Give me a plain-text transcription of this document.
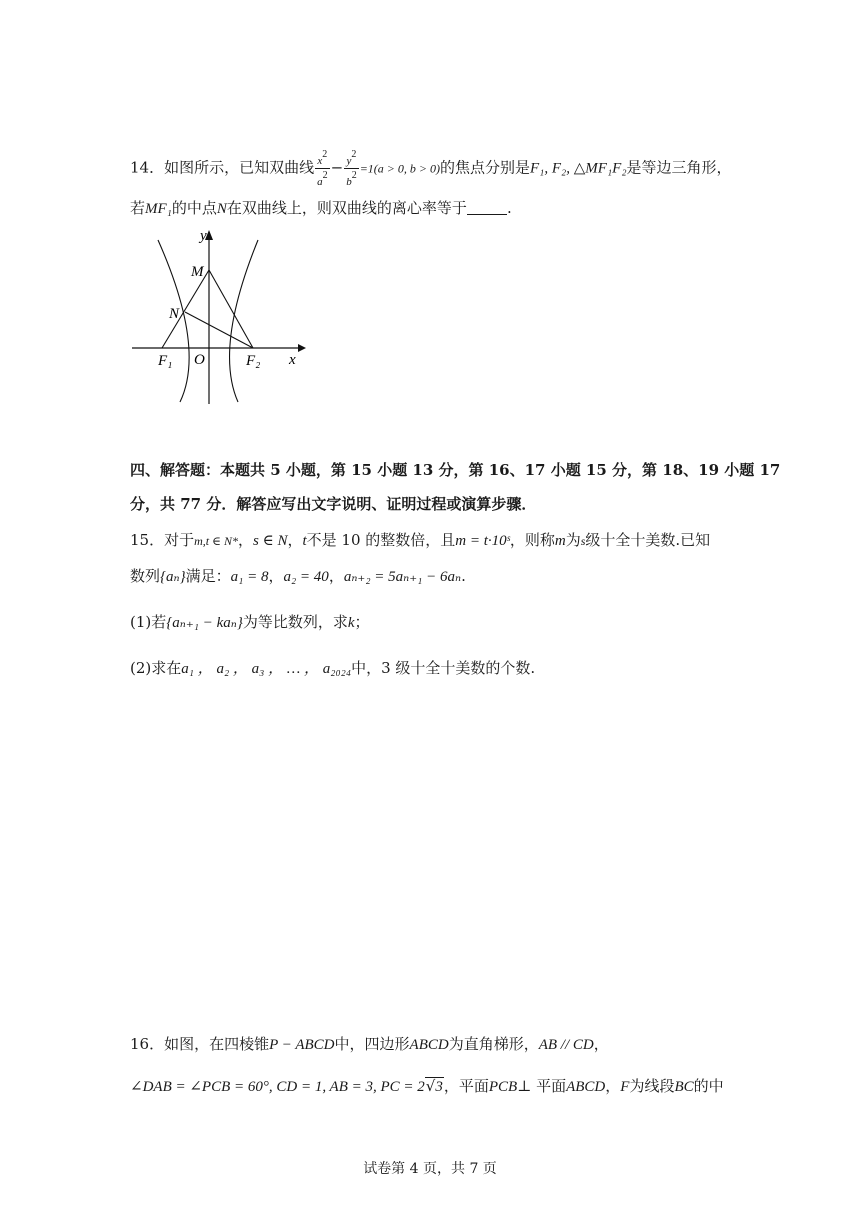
14．如图所示，已知双曲线 $\frac{x2}{a2} - \frac{y2}{b2} =1(a > 0$, b > 0)的焦点分别是F₁, F₂, △MF₁F₂是等边三角形，
若MF₁的中点N在双曲线上，则双曲线的离心率等于	.
y
x
M
N
O
F₁	F₂
四、解答题：本题共 5 小题，第 15 小题 13 分，第 16、17 小题 15 分，第 18、19 小题 17
分，共 77 分．解答应写出文字说明、证明过程或演算步骤．
15．对于m,t ∈ N*，s ∈ N，t不是 10 的整数倍，且m = t·10ˢ，则称m为s级十全十美数.已知
数列{aₙ}满足：a₁ = 8，a₂ = 40，aₙ₊₂ = 5aₙ₊₁ − 6aₙ.
(1)若{aₙ₊₁ − kaₙ}为等比数列，求k；
(2)求在a₁ ， a₂ ， a₃ ， … ， a₂₀₂₄中，3 级十全十美数的个数.
16．如图，在四棱锥P − ABCD中，四边形ABCD为直角梯形，AB // CD，
∠DAB = ∠PCB = 60°, CD = 1, AB = 3, PC = 2√3，平面PCB⊥ 平面ABCD，F为线段BC的中
试卷第 4 页，共 7 页
